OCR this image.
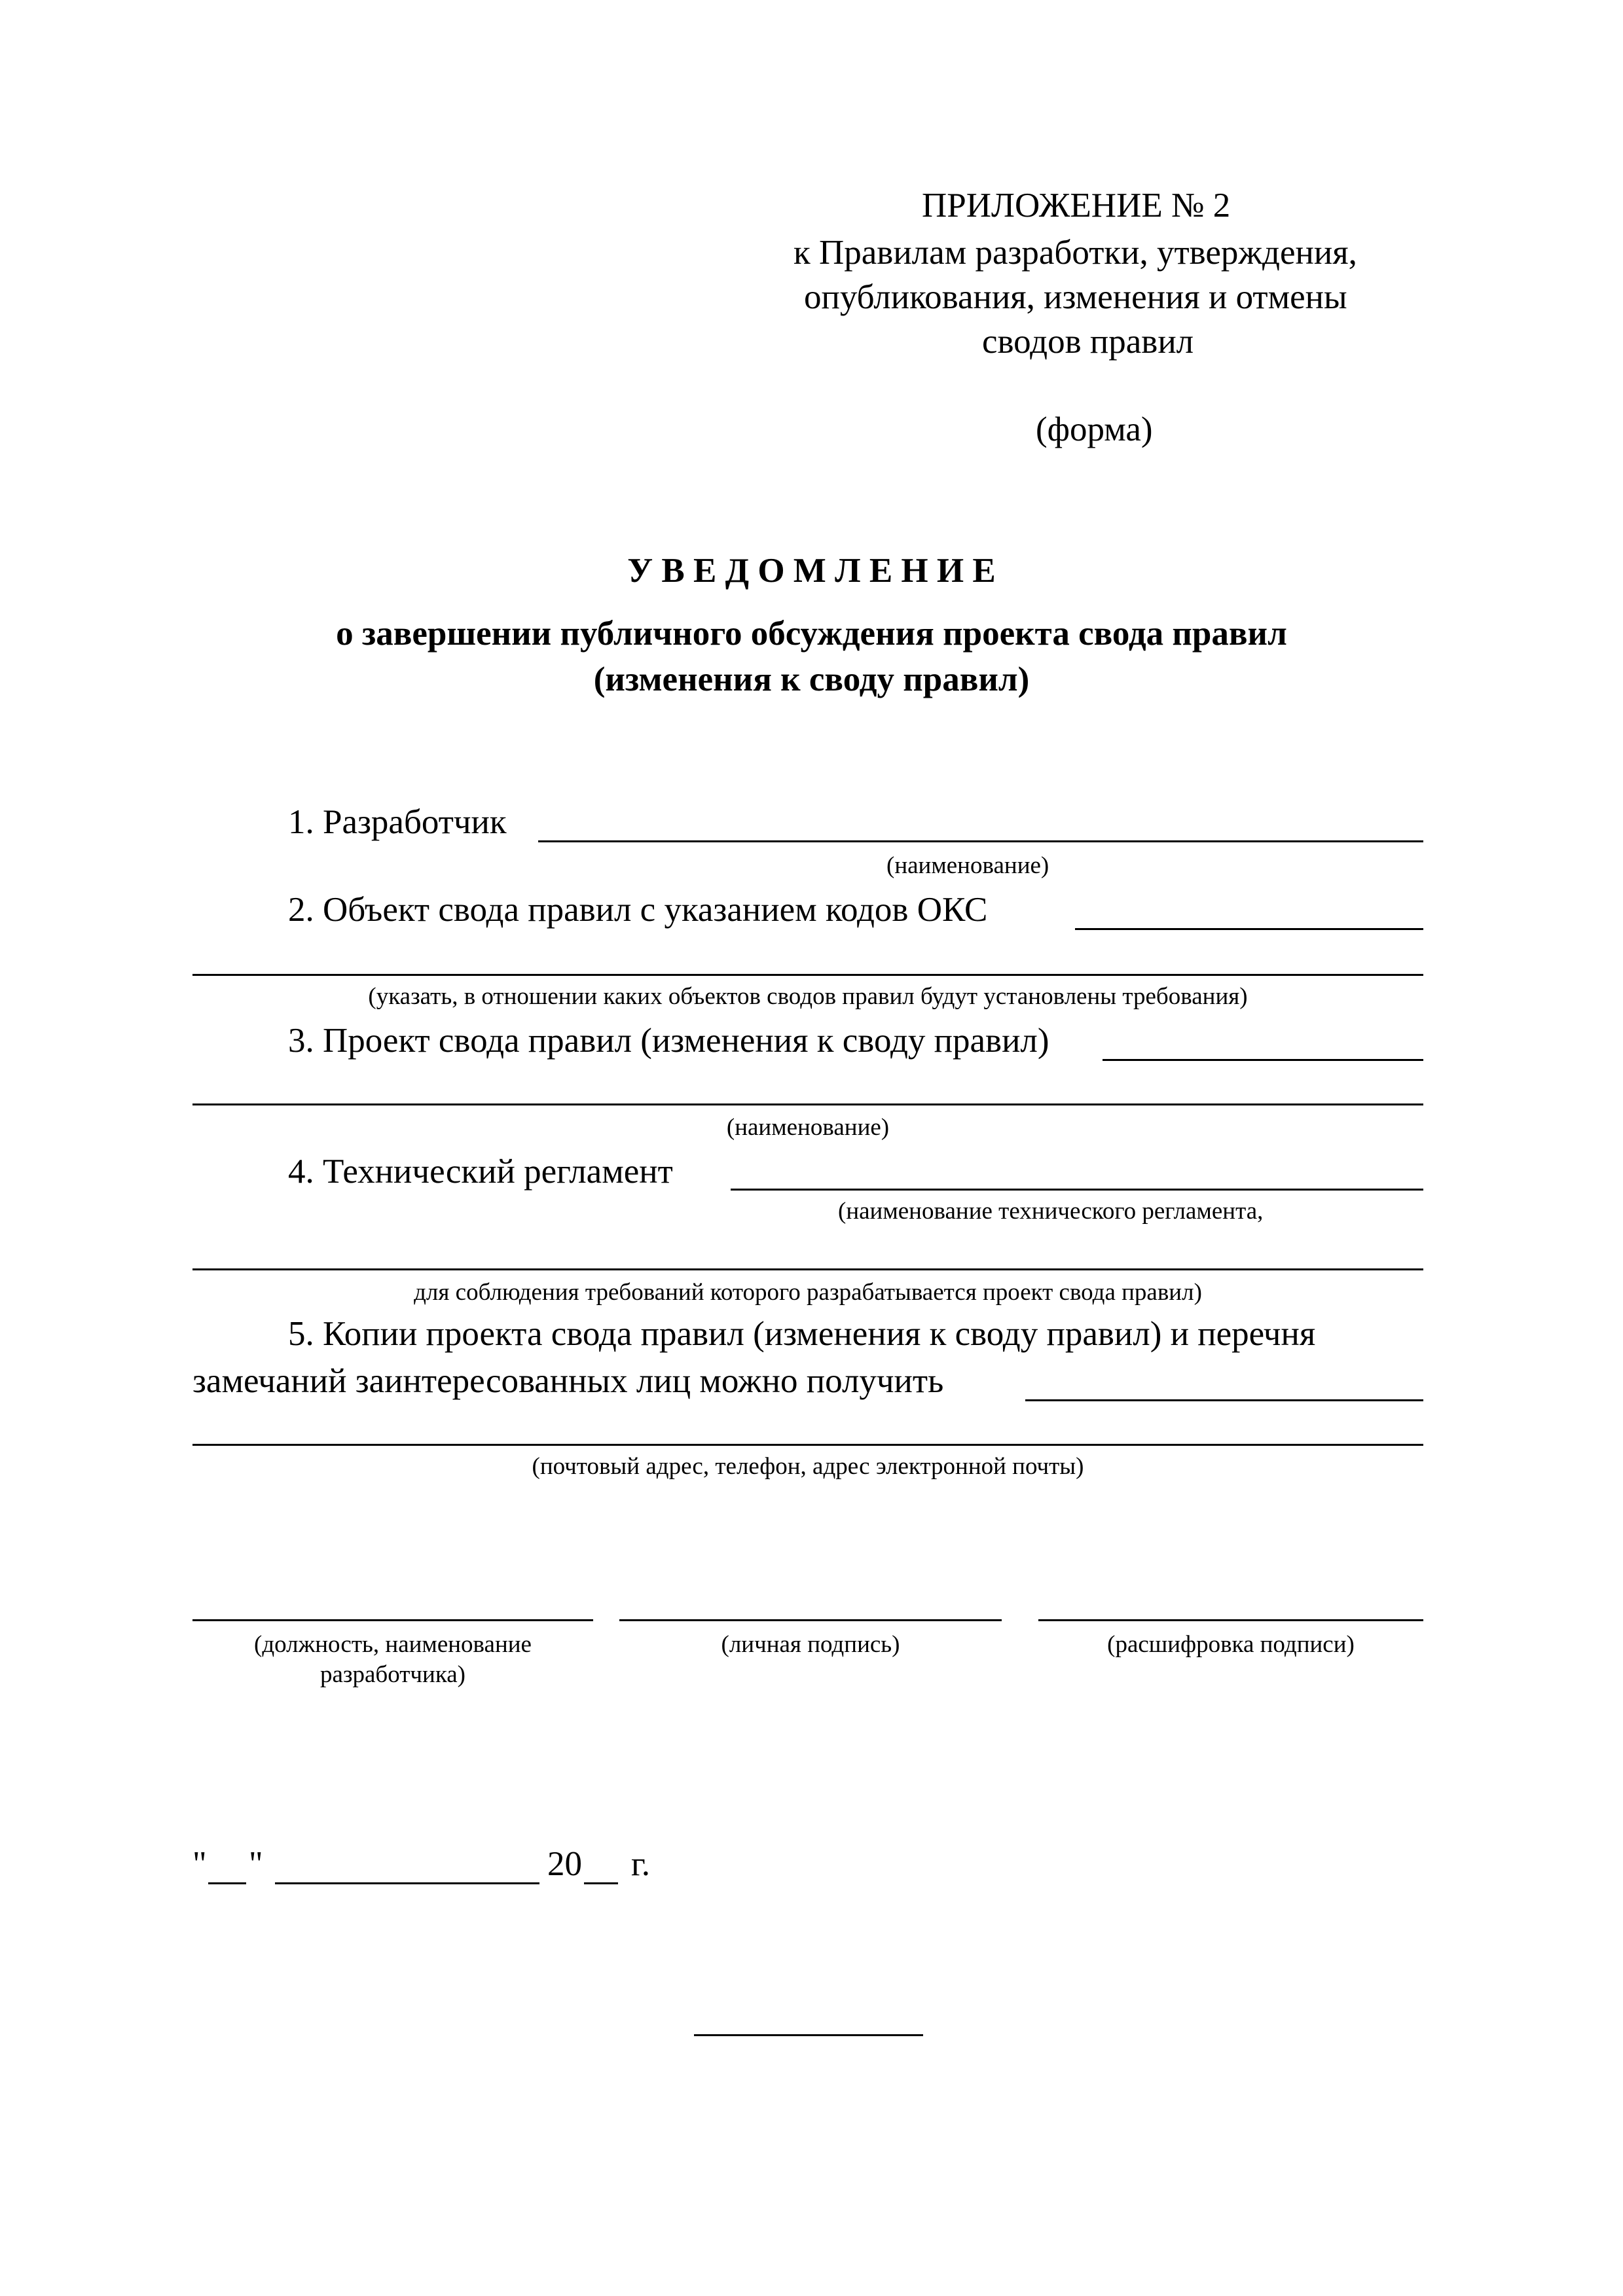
ПРИЛОЖЕНИЕ № 2
к Правилам разработки, утверждения,
опубликования, изменения и отмены
сводов правил
(форма)
У В Е Д О М Л Е Н И Е
о завершении публичного обсуждения проекта свода правил
(изменения к своду правил)
1. Разработчик
(наименование)
2. Объект свода правил с указанием кодов ОКС
(указать, в отношении каких объектов сводов правил будут установлены требования)
3. Проект свода правил (изменения к своду правил)
(наименование)
4. Технический регламент
(наименование технического регламента,
для соблюдения требований которого разрабатывается проект свода правил)
5. Копии проекта свода правил (изменения к своду правил) и перечня
замечаний заинтересованных лиц можно получить
(почтовый адрес, телефон, адрес электронной почты)
(должность, наименование
разработчика)
(личная подпись)	(расшифровка подписи)
" "	20 г.
